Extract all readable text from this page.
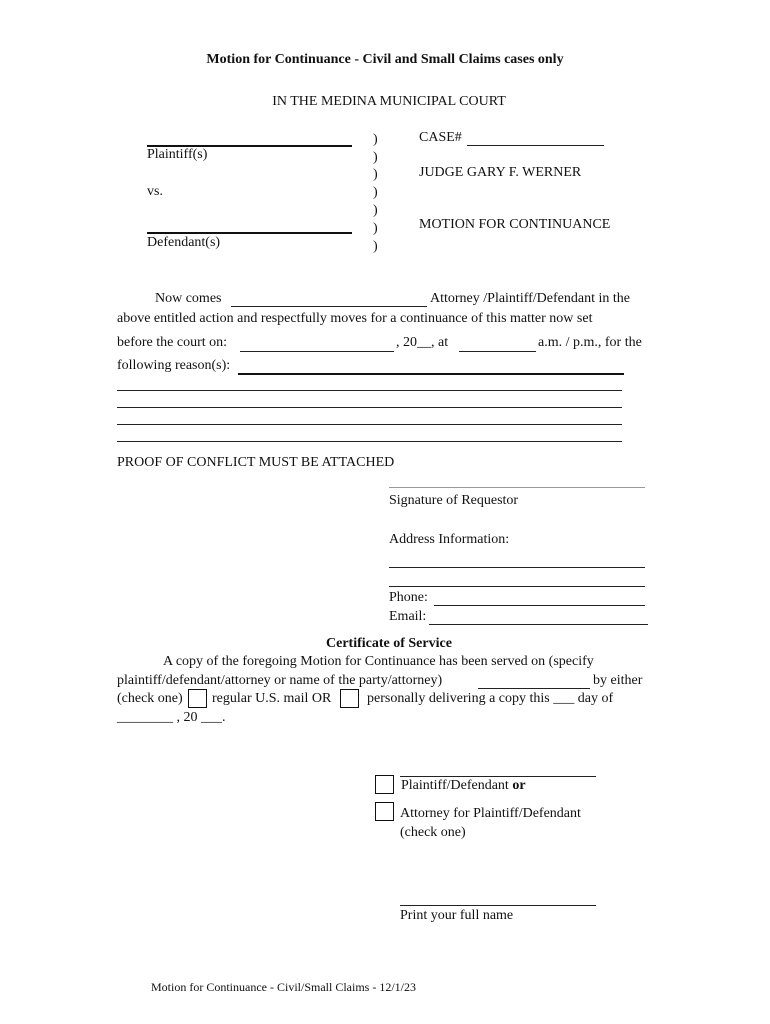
Motion for Continuance - Civil and Small Claims cases only
IN THE MEDINA MUNICIPAL COURT
Plaintiff(s)
vs.
Defendant(s)
)
)
)
)
)
)
)
CASE#
JUDGE GARY F. WERNER
MOTION FOR CONTINUANCE
Now comes	Attorney /Plaintiff/Defendant in the
above entitled action and respectfully moves for a continuance of this matter now set
before the court on:	, 20__, at	a.m. / p.m., for the
following reason(s):
PROOF OF CONFLICT MUST BE ATTACHED
Signature of Requestor
Address Information:
Phone:
Email:
Certificate of Service
A copy of the foregoing Motion for Continuance has been served on (specify
plaintiff/defendant/attorney or name of the party/attorney)	by either
(check one) regular U.S. mail OR	personally delivering a copy this ___ day of
________ , 20 ___.
Plaintiff/Defendant or
Attorney for Plaintiff/Defendant
(check one)
Print your full name
Motion for Continuance - Civil/Small Claims - 12/1/23
